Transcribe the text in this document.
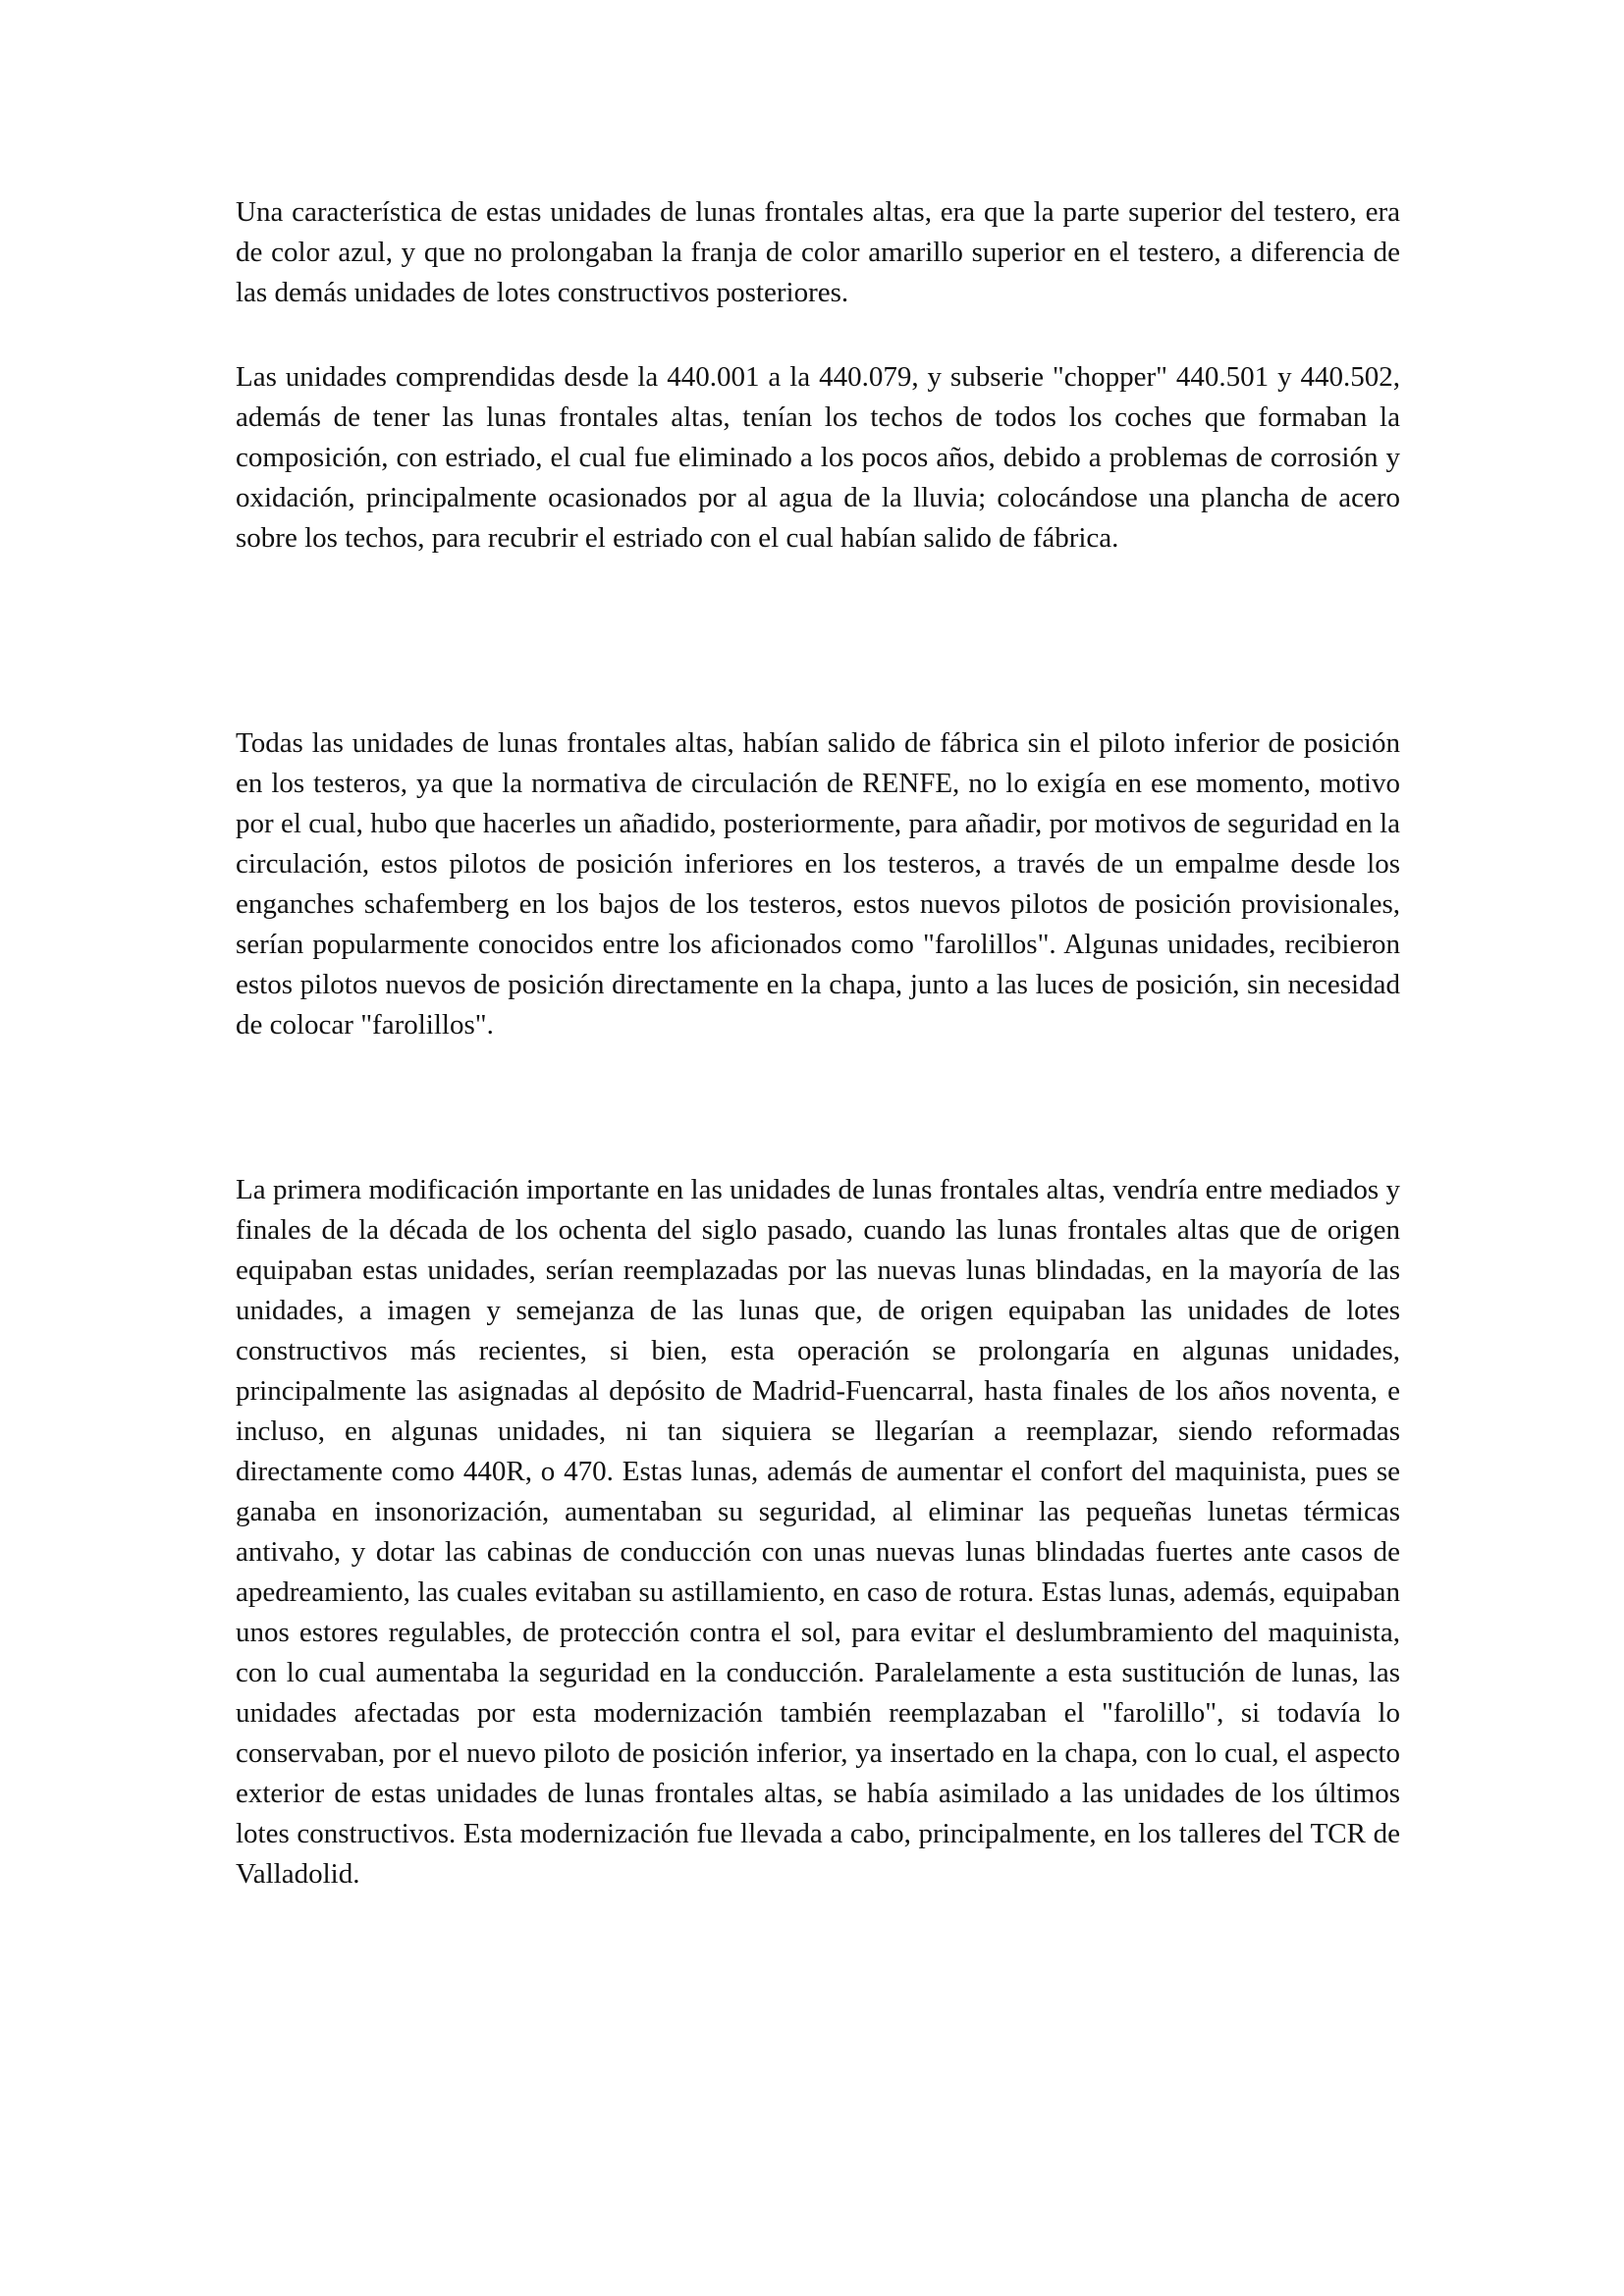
Una característica de estas unidades de lunas frontales altas, era que la parte superior del testero, era de color azul, y que no prolongaban la franja de color amarillo superior en el testero, a diferencia de las demás unidades de lotes constructivos posteriores.

Las unidades comprendidas desde la 440.001 a la 440.079, y subserie "chopper" 440.501 y 440.502, además de tener las lunas frontales altas, tenían los techos de todos los coches que formaban la composición, con estriado, el cual fue eliminado a los pocos años, debido a problemas de corrosión y oxidación, principalmente ocasionados por al agua de la lluvia; colocándose una plancha de acero sobre los techos, para recubrir el estriado con el cual habían salido de fábrica.

Todas las unidades de lunas frontales altas, habían salido de fábrica sin el piloto inferior de posición en los testeros, ya que la normativa de circulación de RENFE, no lo exigía en ese momento, motivo por el cual, hubo que hacerles un añadido, posteriormente, para añadir, por motivos de seguridad en la circulación, estos pilotos de posición inferiores en los testeros, a través de un empalme desde los enganches schafemberg en los bajos de los testeros, estos nuevos pilotos de posición provisionales, serían popularmente conocidos entre los aficionados como "farolillos". Algunas unidades, recibieron estos pilotos nuevos de posición directamente en la chapa, junto a las luces de posición, sin necesidad de colocar "farolillos".

La primera modificación importante en las unidades de lunas frontales altas, vendría entre mediados y finales de la década de los ochenta del siglo pasado, cuando las lunas frontales altas que de origen equipaban estas unidades, serían reemplazadas por las nuevas lunas blindadas, en la mayoría de las unidades, a imagen y semejanza de las lunas que, de origen equipaban las unidades de lotes constructivos más recientes, si bien, esta operación se prolongaría en algunas unidades, principalmente las asignadas al depósito de Madrid-Fuencarral, hasta finales de los años noventa, e incluso, en algunas unidades, ni tan siquiera se llegarían a reemplazar, siendo reformadas directamente como 440R, o 470. Estas lunas, además de aumentar el confort del maquinista, pues se ganaba en insonorización, aumentaban su seguridad, al eliminar las pequeñas lunetas térmicas antivaho, y dotar las cabinas de conducción con unas nuevas lunas blindadas fuertes ante casos de apedreamiento, las cuales evitaban su astillamiento, en caso de rotura. Estas lunas, además, equipaban unos estores regulables, de protección contra el sol, para evitar el deslumbramiento del maquinista, con lo cual aumentaba la seguridad en la conducción. Paralelamente a esta sustitución de lunas, las unidades afectadas por esta modernización también reemplazaban el "farolillo", si todavía lo conservaban, por el nuevo piloto de posición inferior, ya insertado en la chapa, con lo cual, el aspecto exterior de estas unidades de lunas frontales altas, se había asimilado a las unidades de los últimos lotes constructivos. Esta modernización fue llevada a cabo, principalmente, en los talleres del TCR de Valladolid.
